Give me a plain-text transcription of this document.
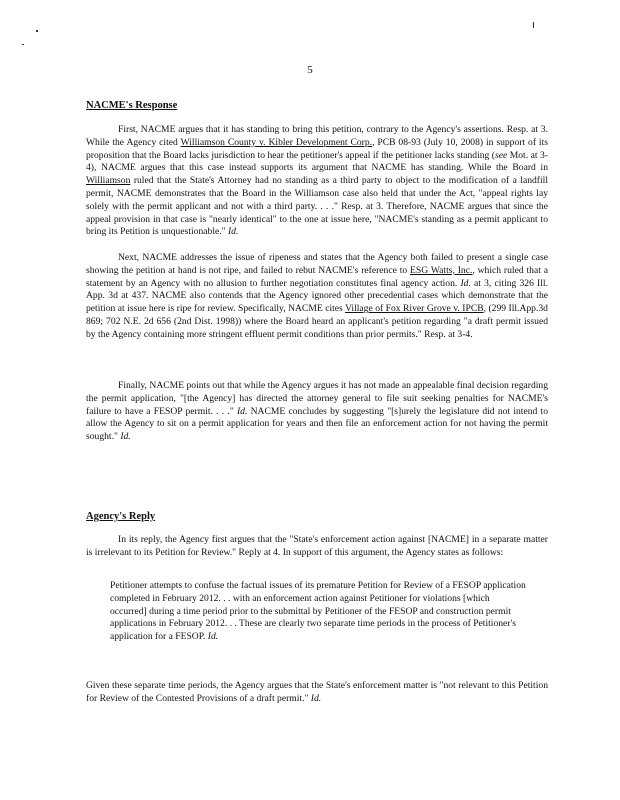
5
NACME's Response

First, NACME argues that it has standing to bring this petition, contrary to the Agency's assertions. Resp. at 3. While the Agency cited Williamson County v. Kibler Development Corp., PCB 08-93 (July 10, 2008) in support of its proposition that the Board lacks jurisdiction to hear the petitioner's appeal if the petitioner lacks standing (see Mot. at 3-4), NACME argues that this case instead supports its argument that NACME has standing. While the Board in Williamson ruled that the State's Attorney had no standing as a third party to object to the modification of a landfill permit, NACME demonstrates that the Board in the Williamson case also held that under the Act, "appeal rights lay solely with the permit applicant and not with a third party. . . ." Resp. at 3. Therefore, NACME argues that since the appeal provision in that case is "nearly identical" to the one at issue here, "NACME's standing as a permit applicant to bring its Petition is unquestionable." Id.

Next, NACME addresses the issue of ripeness and states that the Agency both failed to present a single case showing the petition at hand is not ripe, and failed to rebut NACME's reference to ESG Watts, Inc., which ruled that a statement by an Agency with no allusion to further negotiation constitutes final agency action. Id. at 3, citing 326 Ill. App. 3d at 437. NACME also contends that the Agency ignored other precedential cases which demonstrate that the petition at issue here is ripe for review. Specifically, NACME cites Village of Fox River Grove v. IPCB, (299 Ill.App.3d 869; 702 N.E. 2d 656 (2nd Dist. 1998)) where the Board heard an applicant's petition regarding "a draft permit issued by the Agency containing more stringent effluent permit conditions than prior permits." Resp. at 3-4.

Finally, NACME points out that while the Agency argues it has not made an appealable final decision regarding the permit application, "[the Agency] has directed the attorney general to file suit seeking penalties for NACME's failure to have a FESOP permit. . . ." Id. NACME concludes by suggesting "[s]urely the legislature did not intend to allow the Agency to sit on a permit application for years and then file an enforcement action for not having the permit sought." Id.

Agency's Reply

In its reply, the Agency first argues that the "State's enforcement action against [NACME] in a separate matter is irrelevant to its Petition for Review." Reply at 4. In support of this argument, the Agency states as follows:

Petitioner attempts to confuse the factual issues of its premature Petition for Review of a FESOP application completed in February 2012. . . with an enforcement action against Petitioner for violations [which occurred] during a time period prior to the submittal by Petitioner of the FESOP and construction permit applications in February 2012. . . These are clearly two separate time periods in the process of Petitioner's application for a FESOP. Id.

Given these separate time periods, the Agency argues that the State's enforcement matter is "not relevant to this Petition for Review of the Contested Provisions of a draft permit." Id.
